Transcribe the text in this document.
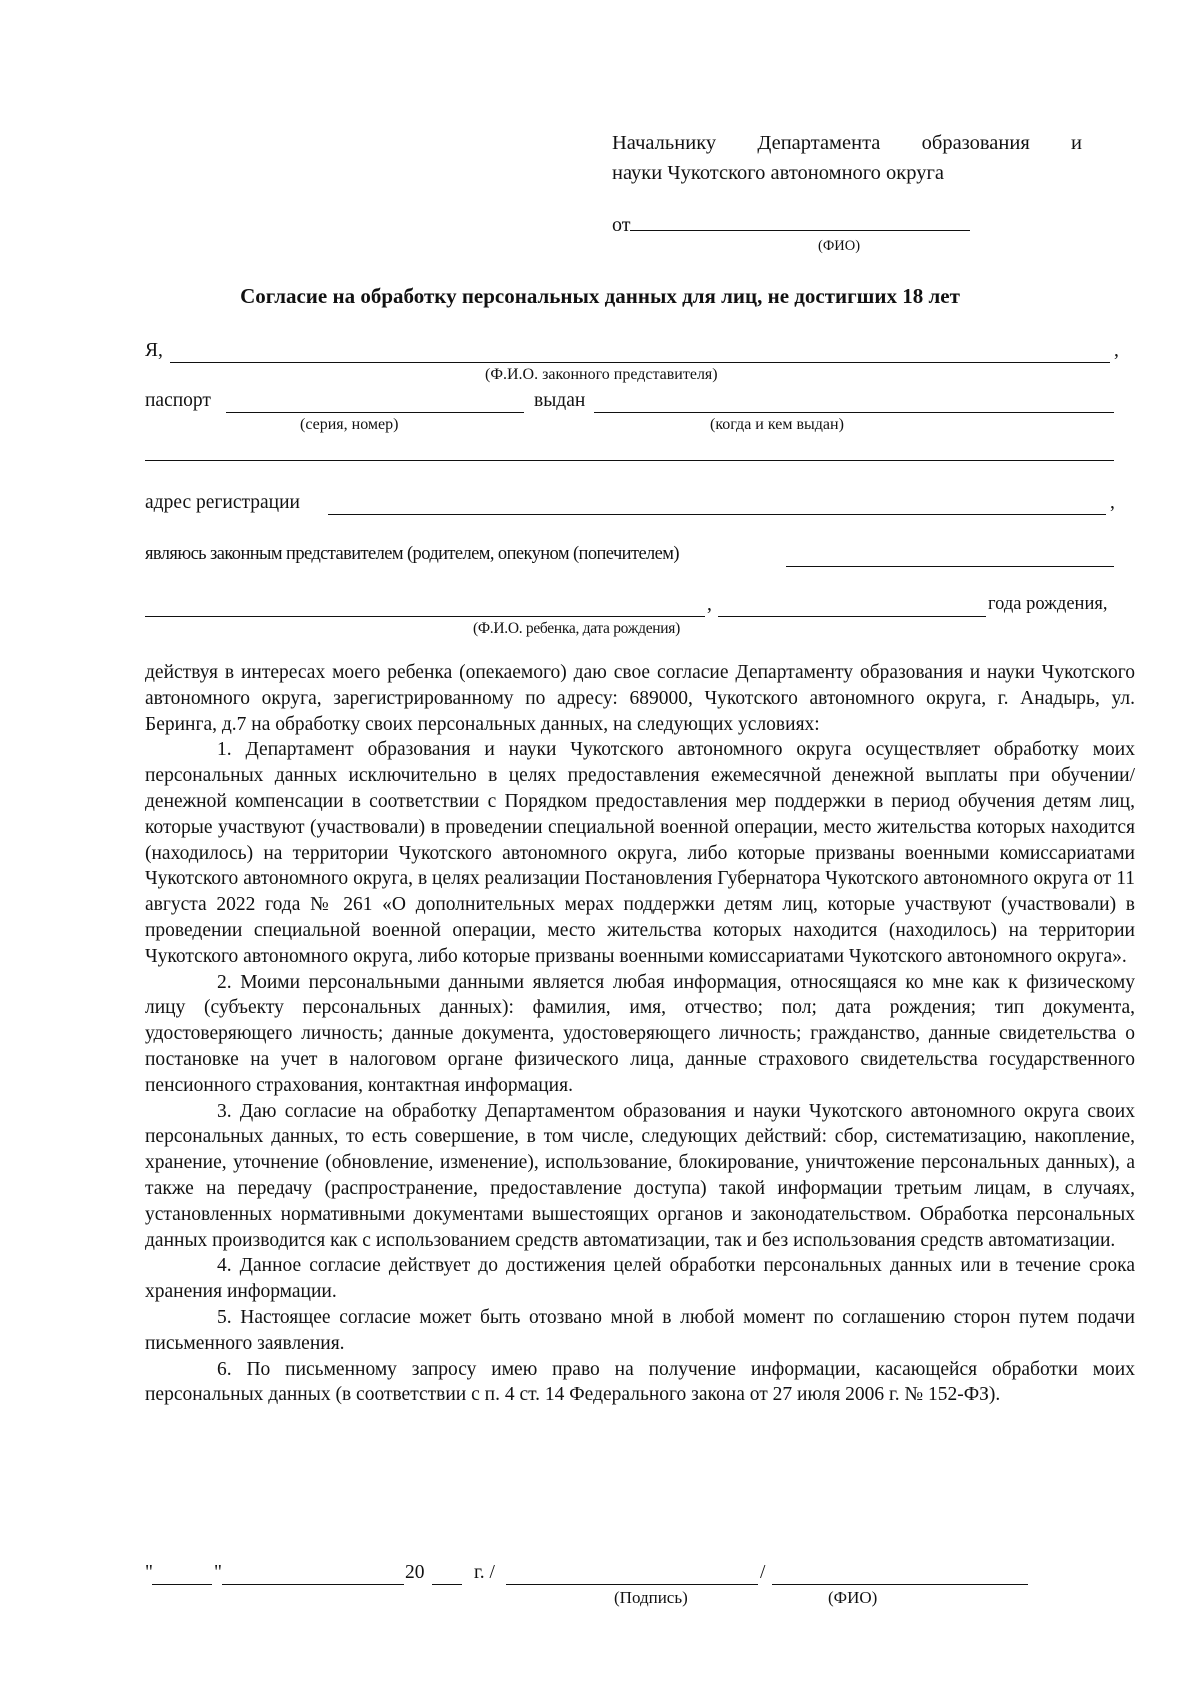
Начальнику Департамента образования и
науки Чукотского автономного округа
от
(ФИО)
Согласие на обработку персональных данных для лиц, не достигших 18 лет
Я,	,
(Ф.И.О. законного представителя)
паспорт	выдан
(серия, номер)	(когда и кем выдан)
адрес регистрации	,
являюсь законным представителем (родителем, опекуном (попечителем)
,	года рождения,
(Ф.И.О. ребенка, дата рождения)

действуя в интересах моего ребенка (опекаемого) даю свое согласие Департаменту образования и науки Чукотского автономного округа, зарегистрированному по адресу: 689000, Чукотского автономного округа, г. Анадырь, ул. Беринга, д.7 на обработку своих персональных данных, на следующих условиях:

1. Департамент образования и науки Чукотского автономного округа осуществляет обработку моих персональных данных исключительно в целях предоставления ежемесячной денежной выплаты при обучении/ денежной компенсации в соответствии с Порядком предоставления мер поддержки в период обучения детям лиц, которые участвуют (участвовали) в проведении специальной военной операции, место жительства которых находится (находилось) на территории Чукотского автономного округа, либо которые призваны военными комиссариатами Чукотского автономного округа, в целях реализации Постановления Губернатора Чукотского автономного округа от 11 августа 2022 года № 261 «О дополнительных мерах поддержки детям лиц, которые участвуют (участвовали) в проведении специальной военной операции, место жительства которых находится (находилось) на территории Чукотского автономного округа, либо которые призваны военными комиссариатами Чукотского автономного округа».

2. Моими персональными данными является любая информация, относящаяся ко мне как к физическому лицу (субъекту персональных данных): фамилия, имя, отчество; пол; дата рождения; тип документа, удостоверяющего личность; данные документа, удостоверяющего личность; гражданство, данные свидетельства о постановке на учет в налоговом органе физического лица, данные страхового свидетельства государственного пенсионного страхования, контактная информация.

3. Даю согласие на обработку Департаментом образования и науки Чукотского автономного округа своих персональных данных, то есть совершение, в том числе, следующих действий: сбор, систематизацию, накопление, хранение, уточнение (обновление, изменение), использование, блокирование, уничтожение персональных данных), а также на передачу (распространение, предоставление доступа) такой информации третьим лицам, в случаях, установленных нормативными документами вышестоящих органов и законодательством. Обработка персональных данных производится как с использованием средств автоматизации, так и без использования средств автоматизации.

4. Данное согласие действует до достижения целей обработки персональных данных или в течение срока хранения информации.

5. Настоящее согласие может быть отозвано мной в любой момент по соглашению сторон путем подачи письменного заявления.

6. По письменному запросу имею право на получение информации, касающейся обработки моих персональных данных (в соответствии с п. 4 ст. 14 Федерального закона от 27 июля 2006 г. № 152-ФЗ).

"	"	20	г. /	/
(Подпись)	(ФИО)
